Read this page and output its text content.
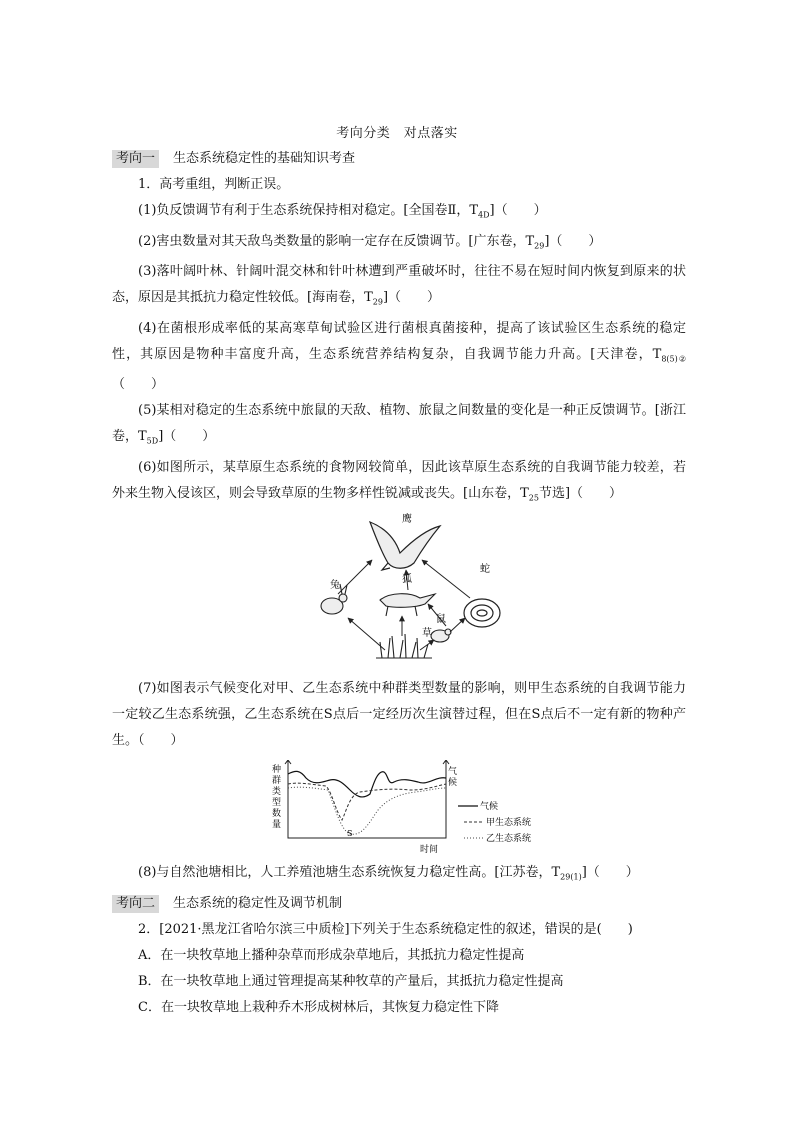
考向分类　对点落实

考向一 生态系统稳定性的基础知识考查

1．高考重组，判断正误。

(1)负反馈调节有利于生态系统保持相对稳定。[全国卷Ⅱ，$T_{4D}$]（　　）

(2)害虫数量对其天敌鸟类数量的影响一定存在反馈调节。[广东卷，$T_{29}$]（　　）

(3)落叶阔叶林、针阔叶混交林和针叶林遭到严重破坏时，往往不易在短时间内恢复到原来的状态，原因是其抵抗力稳定性较低。[海南卷，$T_{29}$]（　　）

(4)在菌根形成率低的某高寒草甸试验区进行菌根真菌接种，提高了该试验区生态系统的稳定性，其原因是物种丰富度升高，生态系统营养结构复杂，自我调节能力升高。[天津卷，$T_{8(5)②}$（　　）

(5)某相对稳定的生态系统中旅鼠的天敌、植物、旅鼠之间数量的变化是一种正反馈调节。[浙江卷，$T_{5D}$]（　　）

(6)如图所示，某草原生态系统的食物网较简单，因此该草原生态系统的自我调节能力较差，若外来生物入侵该区，则会导致草原的生物多样性锐减或丧失。[山东卷，$T_{25}$节选]（　　）

鹰
兔
狐
蛇
鼠
草

(7)如图表示气候变化对甲、乙生态系统中种群类型数量的影响，则甲生态系统的自我调节能力一定较乙生态系统强，乙生态系统在S点后一定经历次生演替过程，但在S点后不一定有新的物种产生。（　　）

种 群 类 型 数 量
气 候
S
时间
气候
甲生态系统
乙生态系统

(8)与自然池塘相比，人工养殖池塘生态系统恢复力稳定性高。[江苏卷，$T_{29(1)}$]（　　）

考向二 生态系统的稳定性及调节机制

2．[2021·黑龙江省哈尔滨三中质检]下列关于生态系统稳定性的叙述，错误的是(　　)

A．在一块牧草地上播种杂草而形成杂草地后，其抵抗力稳定性提高

B．在一块牧草地上通过管理提高某种牧草的产量后，其抵抗力稳定性提高

C．在一块牧草地上栽种乔木形成树林后，其恢复力稳定性下降
